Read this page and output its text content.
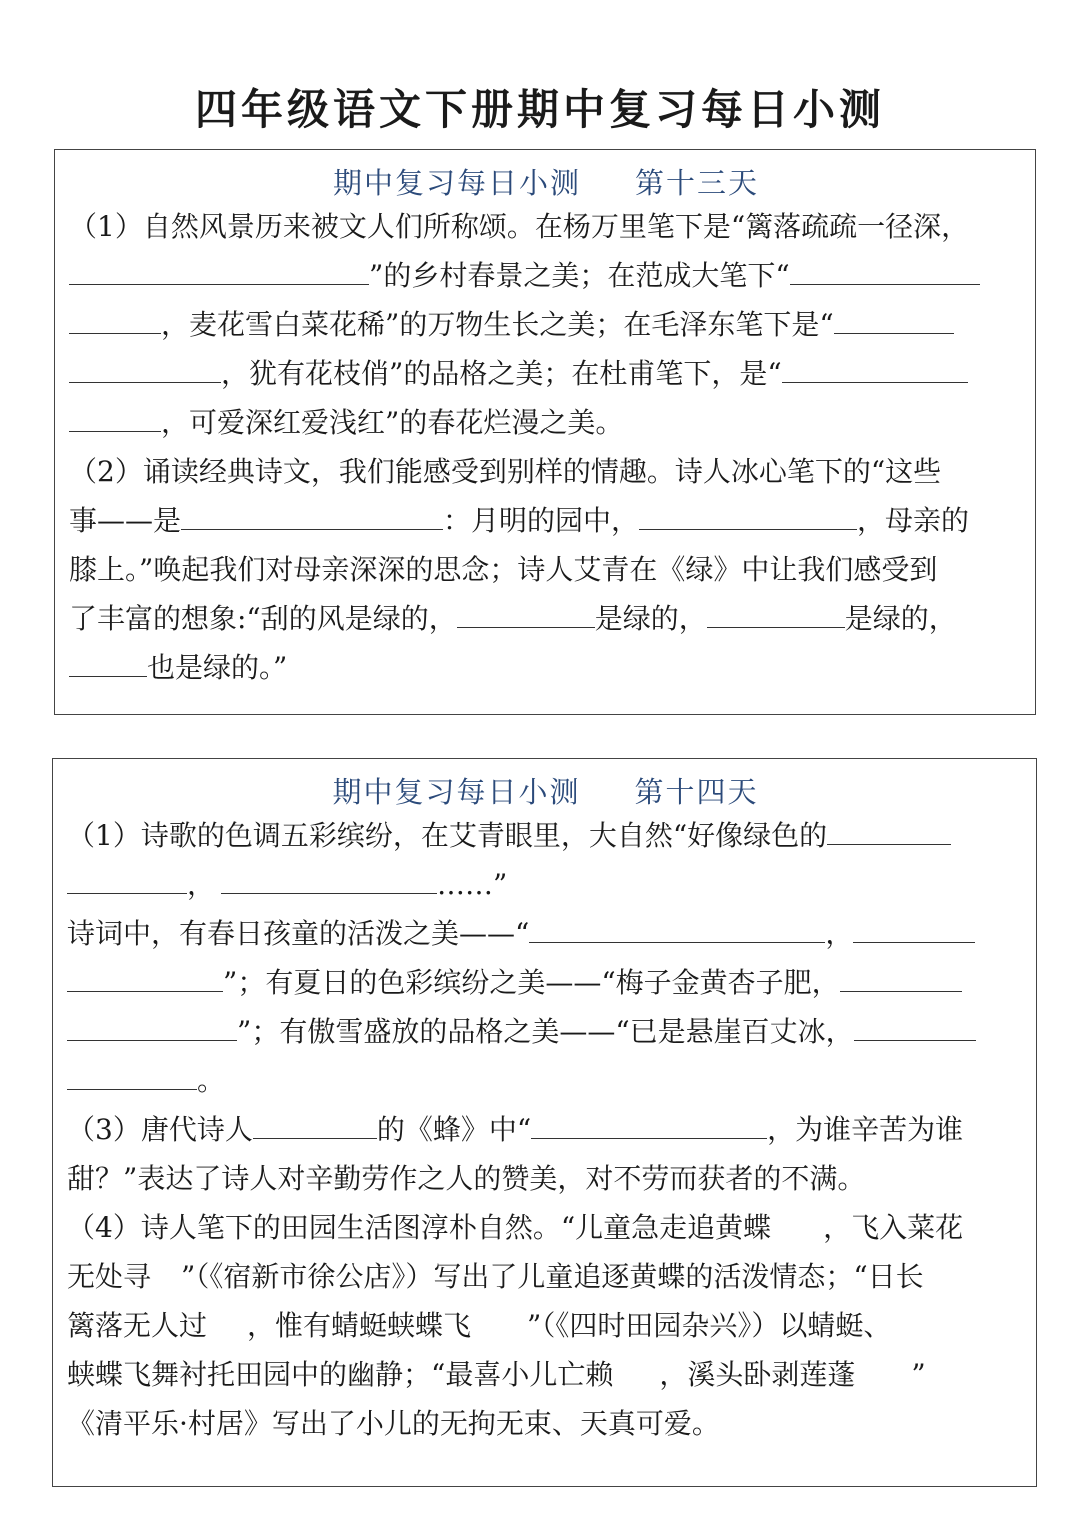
四年级语文下册期中复习每日小测
期中复习每日小测 第十三天
（1）自然风景历来被文人们所称颂。在杨万里笔下是“篱落疏疏一径深，
”的乡村春景之美；在范成大笔下“
，麦花雪白菜花稀”的万物生长之美；在毛泽东笔下是“
，犹有花枝俏”的品格之美；在杜甫笔下，是“
，可爱深红爱浅红”的春花烂漫之美。
（2）诵读经典诗文，我们能感受到别样的情趣。诗人冰心笔下的“这些
事——是	：月明的园中，	，母亲的
膝上。”唤起我们对母亲深深的思念；诗人艾青在《绿》中让我们感受到
了丰富的想象:“刮的风是绿的，	是绿的，	是绿的，
也是绿的。”
期中复习每日小测 第十四天
（1）诗歌的色调五彩缤纷，在艾青眼里，大自然“好像绿色的
，	……”
诗词中，有春日孩童的活泼之美——“	，
”；有夏日的色彩缤纷之美——“梅子金黄杏子肥，
”；有傲雪盛放的品格之美——“已是悬崖百丈冰，
。
（3）唐代诗人	的《蜂》中“	，为谁辛苦为谁
甜？”表达了诗人对辛勤劳作之人的赞美，对不劳而获者的不满。
（4）诗人笔下的田园生活图淳朴自然。“儿童急走追黄蝶 ，飞入菜花
无处寻 ”（《宿新市徐公店》）写出了儿童追逐黄蝶的活泼情态；“日长
篱落无人过 ，惟有蜻蜓蛱蝶飞 ”（《四时田园杂兴》）以蜻蜓、
蛱蝶飞舞衬托田园中的幽静；“最喜小儿亡赖 ，溪头卧剥莲蓬 ”
《清平乐·村居》写出了小儿的无拘无束、天真可爱。
